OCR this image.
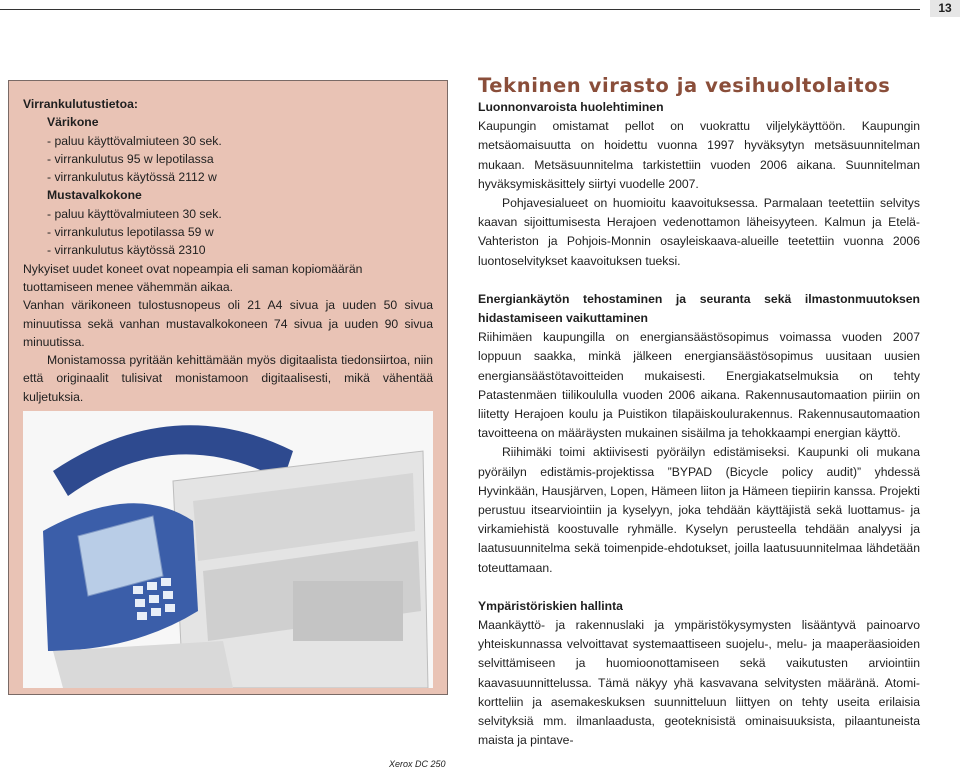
13

Virrankulutustietoa:

Värikone

- paluu käyttövalmiuteen 30 sek.

- virrankulutus 95 w lepotilassa

- virrankulutus käytössä 2112 w

Mustavalkokone

- paluu käyttövalmiuteen 30 sek.

- virrankulutus lepotilassa 59 w

- virrankulutus käytössä 2310

Nykyiset uudet koneet ovat nopeampia eli saman kopiomäärän tuottamiseen menee vähemmän aikaa.

Vanhan värikoneen tulostusnopeus oli 21 A4 sivua ja uuden 50 sivua minuutissa sekä vanhan mustavalkokoneen 74 sivua ja uuden 90 sivua minuutissa.

Monistamossa pyritään kehittämään myös digitaalista tiedonsiirtoa, niin että originaalit tulisivat monistamoon digitaalisesti, mikä vähentää kuljetuksia.

Xerox DC 250
Tekninen virasto ja vesihuoltolaitos

Luonnonvaroista huolehtiminen

Kaupungin omistamat pellot on vuokrattu viljelykäyttöön. Kaupungin metsäomaisuutta on hoidettu vuonna 1997 hyväksytyn metsäsuunnitelman mukaan. Metsäsuunnitelma tarkistettiin vuoden 2006 aikana. Suunnitelman hyväksymiskäsittely siirtyi vuodelle 2007.

Pohjavesialueet on huomioitu kaavoituksessa. Parmalaan teetettiin selvitys kaavan sijoittumisesta Herajoen vedenottamon läheisyyteen. Kalmun ja Etelä-Vahteriston ja Pohjois-Monnin osayleiskaava-alueille teetettiin vuonna 2006 luontoselvitykset kaavoituksen tueksi.

Energiankäytön tehostaminen ja seuranta sekä ilmastonmuutoksen hidastamiseen vaikuttaminen

Riihimäen kaupungilla on energiansäästösopimus voimassa vuoden 2007 loppuun saakka, minkä jälkeen energiansäästösopimus uusitaan uusien energiansäästötavoitteiden mukaisesti. Energiakatselmuksia on tehty Patastenmäen tiilikoululla vuoden 2006 aikana. Rakennusautomaation piiriin on liitetty Herajoen koulu ja Puistikon tilapäiskoulurakennus. Rakennusautomaation tavoitteena on määräysten mukainen sisäilma ja tehokkaampi energian käyttö.

Riihimäki toimi aktiivisesti pyöräilyn edistämiseksi. Kaupunki oli mukana pyöräilyn edistämis-projektissa ”BYPAD (Bicycle policy audit)” yhdessä Hyvinkään, Hausjärven, Lopen, Hämeen liiton ja Hämeen tiepiirin kanssa. Projekti perustuu itsearviointiin ja kyselyyn, joka tehdään käyttäjistä sekä luottamus- ja virkamiehistä koostuvalle ryhmälle. Kyselyn perusteella tehdään analyysi ja laatusuunnitelma sekä toimenpide-ehdotukset, joilla laatusuunnitelmaa lähdetään toteuttamaan.

Ympäristöriskien hallinta

Maankäyttö- ja rakennuslaki ja ympäristökysymysten lisääntyvä painoarvo yhteiskunnassa velvoittavat systemaattiseen suojelu-, melu- ja maaperäasioiden selvittämiseen ja huomioonottamiseen sekä vaikutusten arviointiin kaavasuunnittelussa. Tämä näkyy yhä kasvavana selvitysten määränä. Atomi-kortteliin ja asemakeskuksen suunnitteluun liittyen on tehty useita erilaisia selvityksiä mm. ilmanlaadusta, geoteknisistä ominaisuuksista, pilaantuneista maista ja pintave-
